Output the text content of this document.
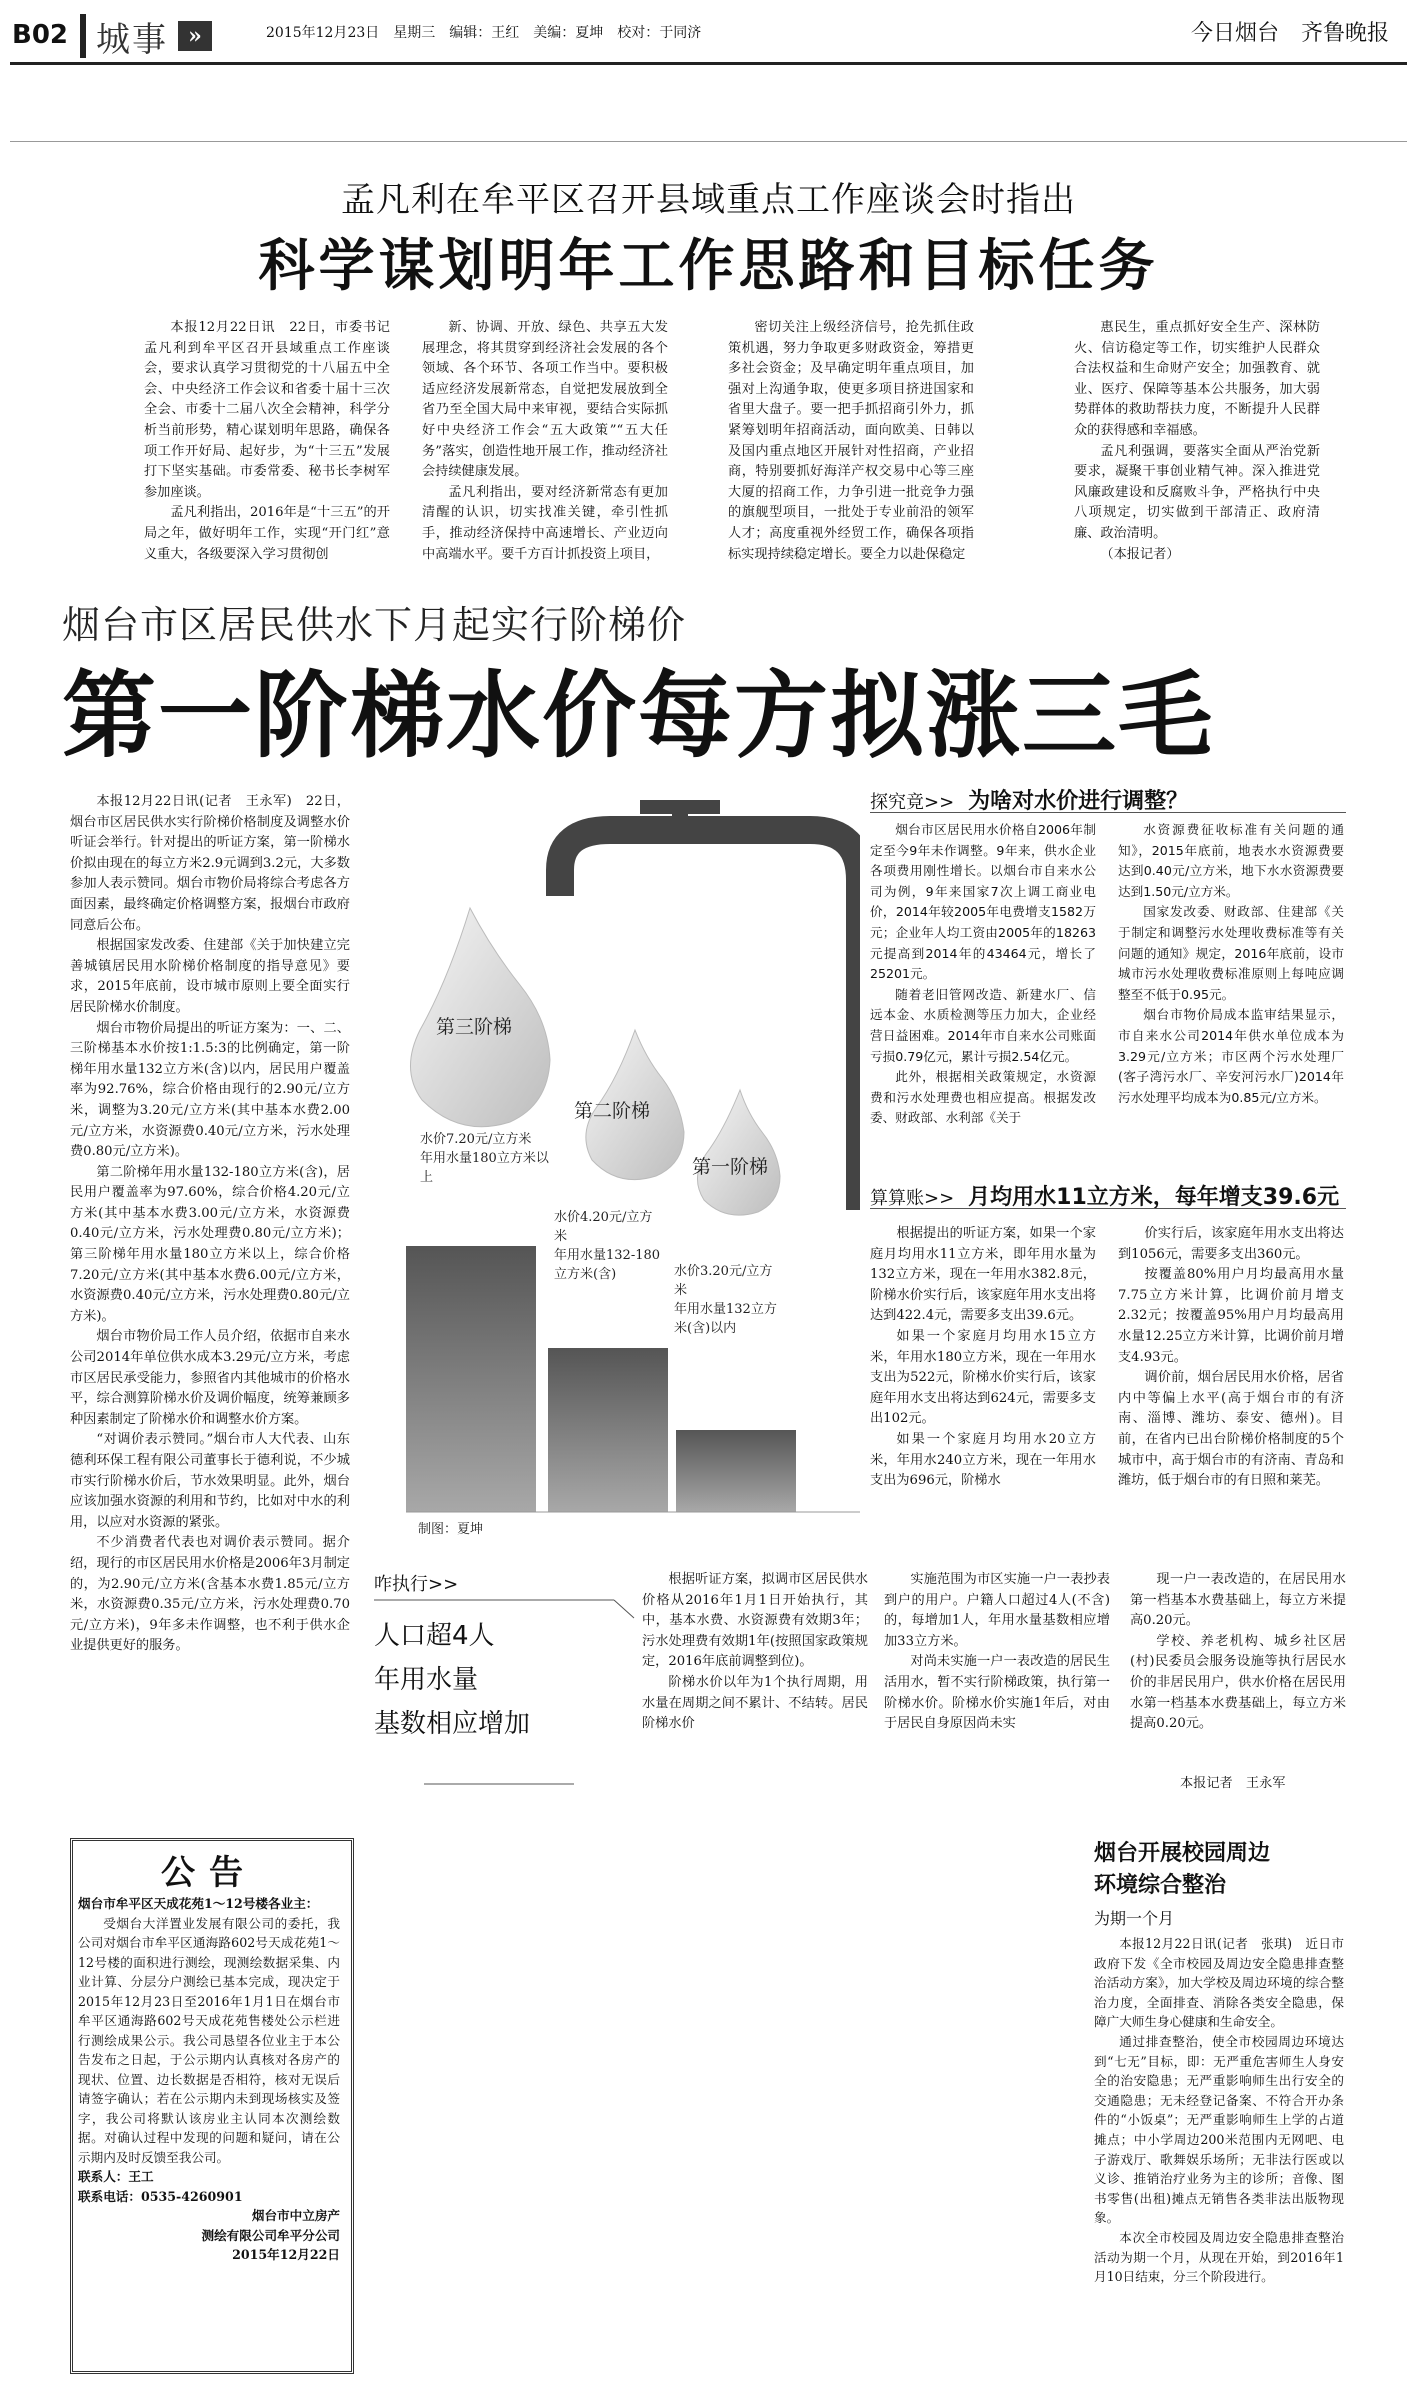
B02 城事 »	2015年12月23日　星期三　编辑：王红　美编：夏坤　校对：于同济	今日烟台　齐鲁晚报
孟凡利在牟平区召开县域重点工作座谈会时指出
科学谋划明年工作思路和目标任务

本报12月22日讯　22日，市委书记孟凡利到牟平区召开县域重点工作座谈会，要求认真学习贯彻党的十八届五中全会、中央经济工作会议和省委十届十三次全会、市委十二届八次全会精神，科学分析当前形势，精心谋划明年思路，确保各项工作开好局、起好步，为“十三五”发展打下坚实基础。市委常委、秘书长李树军参加座谈。

孟凡利指出，2016年是“十三五”的开局之年，做好明年工作，实现“开门红”意义重大，各级要深入学习贯彻创

新、协调、开放、绿色、共享五大发展理念，将其贯穿到经济社会发展的各个领域、各个环节、各项工作当中。要积极适应经济发展新常态，自觉把发展放到全省乃至全国大局中来审视，要结合实际抓好中央经济工作会“五大政策”“五大任务”落实，创造性地开展工作，推动经济社会持续健康发展。

孟凡利指出，要对经济新常态有更加清醒的认识，切实找准关键，牵引性抓手，推动经济保持中高速增长、产业迈向中高端水平。要千方百计抓投资上项目，

密切关注上级经济信号，抢先抓住政策机遇，努力争取更多财政资金，筹措更多社会资金；及早确定明年重点项目，加强对上沟通争取，使更多项目挤进国家和省里大盘子。要一把手抓招商引外力，抓紧筹划明年招商活动，面向欧美、日韩以及国内重点地区开展针对性招商，产业招商，特别要抓好海洋产权交易中心等三座大厦的招商工作，力争引进一批竞争力强的旗舰型项目，一批处于专业前沿的领军人才；高度重视外经贸工作，确保各项指标实现持续稳定增长。要全力以赴保稳定

惠民生，重点抓好安全生产、深林防火、信访稳定等工作，切实维护人民群众合法权益和生命财产安全；加强教育、就业、医疗、保障等基本公共服务，加大弱势群体的救助帮扶力度，不断提升人民群众的获得感和幸福感。

孟凡利强调，要落实全面从严治党新要求，凝聚干事创业精气神。深入推进党风廉政建设和反腐败斗争，严格执行中央八项规定，切实做到干部清正、政府清廉、政治清明。

（本报记者）

烟台市区居民供水下月起实行阶梯价
第一阶梯水价每方拟涨三毛

本报12月22日讯(记者　王永军)　22日，烟台市区居民供水实行阶梯价格制度及调整水价听证会举行。针对提出的听证方案，第一阶梯水价拟由现在的每立方米2.9元调到3.2元，大多数参加人表示赞同。烟台市物价局将综合考虑各方面因素，最终确定价格调整方案，报烟台市政府同意后公布。

根据国家发改委、住建部《关于加快建立完善城镇居民用水阶梯价格制度的指导意见》要求，2015年底前，设市城市原则上要全面实行居民阶梯水价制度。

烟台市物价局提出的听证方案为：一、二、三阶梯基本水价按1:1.5:3的比例确定，第一阶梯年用水量132立方米(含)以内，居民用户覆盖率为92.76%，综合价格由现行的2.90元/立方米，调整为3.20元/立方米(其中基本水费2.00元/立方米，水资源费0.40元/立方米，污水处理费0.80元/立方米)。

第二阶梯年用水量132-180立方米(含)，居民用户覆盖率为97.60%，综合价格4.20元/立方米(其中基本水费3.00元/立方米，水资源费0.40元/立方米，污水处理费0.80元/立方米)；第三阶梯年用水量180立方米以上，综合价格7.20元/立方米(其中基本水费6.00元/立方米，水资源费0.40元/立方米，污水处理费0.80元/立方米)。

烟台市物价局工作人员介绍，依据市自来水公司2014年单位供水成本3.29元/立方米，考虑市区居民承受能力，参照省内其他城市的价格水平，综合测算阶梯水价及调价幅度，统筹兼顾多种因素制定了阶梯水价和调整水价方案。

“对调价表示赞同。”烟台市人大代表、山东德利环保工程有限公司董事长于德利说，不少城市实行阶梯水价后，节水效果明显。此外，烟台应该加强水资源的利用和节约，比如对中水的利用，以应对水资源的紧张。

不少消费者代表也对调价表示赞同。据介绍，现行的市区居民用水价格是2006年3月制定的，为2.90元/立方米(含基本水费1.85元/立方米，水资源费0.35元/立方米，污水处理费0.70元/立方米)，9年多未作调整，也不利于供水企业提供更好的服务。

第三阶梯
第二阶梯
第一阶梯
水价7.20元/立方米
年用水量180立方米以上
水价4.20元/立方米
年用水量132-180立方米(含)	水价3.20元/立方米
年用水量132立方米(含)以内
制图：夏坤
探究竟>> 为啥对水价进行调整？

烟台市区居民用水价格自2006年制定至今9年未作调整。9年来，供水企业各项费用刚性增长。以烟台市自来水公司为例，9年来国家7次上调工商业电价，2014年较2005年电费增支1582万元；企业年人均工资由2005年的18263元提高到2014年的43464元，增长了25201元。

随着老旧管网改造、新建水厂、信远本金、水质检测等压力加大，企业经营日益困难。2014年市自来水公司账面亏损0.79亿元，累计亏损2.54亿元。

此外，根据相关政策规定，水资源费和污水处理费也相应提高。根据发改委、财政部、水利部《关于

水资源费征收标准有关问题的通知》，2015年底前，地表水水资源费要达到0.40元/立方米，地下水水资源费要达到1.50元/立方米。

国家发改委、财政部、住建部《关于制定和调整污水处理收费标准等有关问题的通知》规定，2016年底前，设市城市污水处理收费标准原则上每吨应调整至不低于0.95元。

烟台市物价局成本监审结果显示，市自来水公司2014年供水单位成本为3.29元/立方米；市区两个污水处理厂(客子湾污水厂、辛安河污水厂)2014年污水处理平均成本为0.85元/立方米。

算算账>> 月均用水11立方米，每年增支39.6元

根据提出的听证方案，如果一个家庭月均用水11立方米，即年用水量为132立方米，现在一年用水382.8元，阶梯水价实行后，该家庭年用水支出将达到422.4元，需要多支出39.6元。

如果一个家庭月均用水15立方米，年用水180立方米，现在一年用水支出为522元，阶梯水价实行后，该家庭年用水支出将达到624元，需要多支出102元。

如果一个家庭月均用水20立方米，年用水240立方米，现在一年用水支出为696元，阶梯水

价实行后，该家庭年用水支出将达到1056元，需要多支出360元。

按覆盖80%用户月均最高用水量7.75立方米计算，比调价前月增支2.32元；按覆盖95%用户月均最高用水量12.25立方米计算，比调价前月增支4.93元。

调价前，烟台居民用水价格，居省内中等偏上水平(高于烟台市的有济南、淄博、潍坊、泰安、德州)。目前，在省内已出台阶梯价格制度的5个城市中，高于烟台市的有济南、青岛和潍坊，低于烟台市的有日照和莱芜。

咋执行>>
人口超4人
年用水量
基数相应增加

根据听证方案，拟调市区居民供水价格从2016年1月1日开始执行，其中，基本水费、水资源费有效期3年；污水处理费有效期1年(按照国家政策规定，2016年底前调整到位)。

阶梯水价以年为1个执行周期，用水量在周期之间不累计、不结转。居民阶梯水价

实施范围为市区实施一户一表抄表到户的用户。户籍人口超过4人(不含)的，每增加1人，年用水量基数相应增加33立方米。

对尚未实施一户一表改造的居民生活用水，暂不实行阶梯政策，执行第一阶梯水价。阶梯水价实施1年后，对由于居民自身原因尚未实

现一户一表改造的，在居民用水第一档基本水费基础上，每立方米提高0.20元。

学校、养老机构、城乡社区居(村)民委员会服务设施等执行居民水价的非居民用户，供水价格在居民用水第一档基本水费基础上，每立方米提高0.20元。

本报记者　王永军
公告

烟台市牟平区天成花苑1～12号楼各业主：

受烟台大洋置业发展有限公司的委托，我公司对烟台市牟平区通海路602号天成花苑1～12号楼的面积进行测绘，现测绘数据采集、内业计算、分层分户测绘已基本完成，现决定于2015年12月23日至2016年1月1日在烟台市牟平区通海路602号天成花苑售楼处公示栏进行测绘成果公示。我公司恳望各位业主于本公告发布之日起，于公示期内认真核对各房产的现状、位置、边长数据是否相符，核对无误后请签字确认；若在公示期内未到现场核实及签字，我公司将默认该房业主认同本次测绘数据。对确认过程中发现的问题和疑问，请在公示期内及时反馈至我公司。

联系人：王工

联系电话：0535-4260901

烟台市中立房产

测绘有限公司牟平分公司

2015年12月22日

烟台开展校园周边
环境综合整治
为期一个月

本报12月22日讯(记者　张琪)　近日市政府下发《全市校园及周边安全隐患排查整治活动方案》，加大学校及周边环境的综合整治力度，全面排查、消除各类安全隐患，保障广大师生身心健康和生命安全。

通过排查整治，使全市校园周边环境达到“七无”目标，即：无严重危害师生人身安全的治安隐患；无严重影响师生出行安全的交通隐患；无未经登记备案、不符合开办条件的“小饭桌”；无严重影响师生上学的占道摊点；中小学周边200米范围内无网吧、电子游戏厅、歌舞娱乐场所；无非法行医或以义诊、推销治疗业务为主的诊所；音像、图书零售(出租)摊点无销售各类非法出版物现象。

本次全市校园及周边安全隐患排查整治活动为期一个月，从现在开始，到2016年1月10日结束，分三个阶段进行。
